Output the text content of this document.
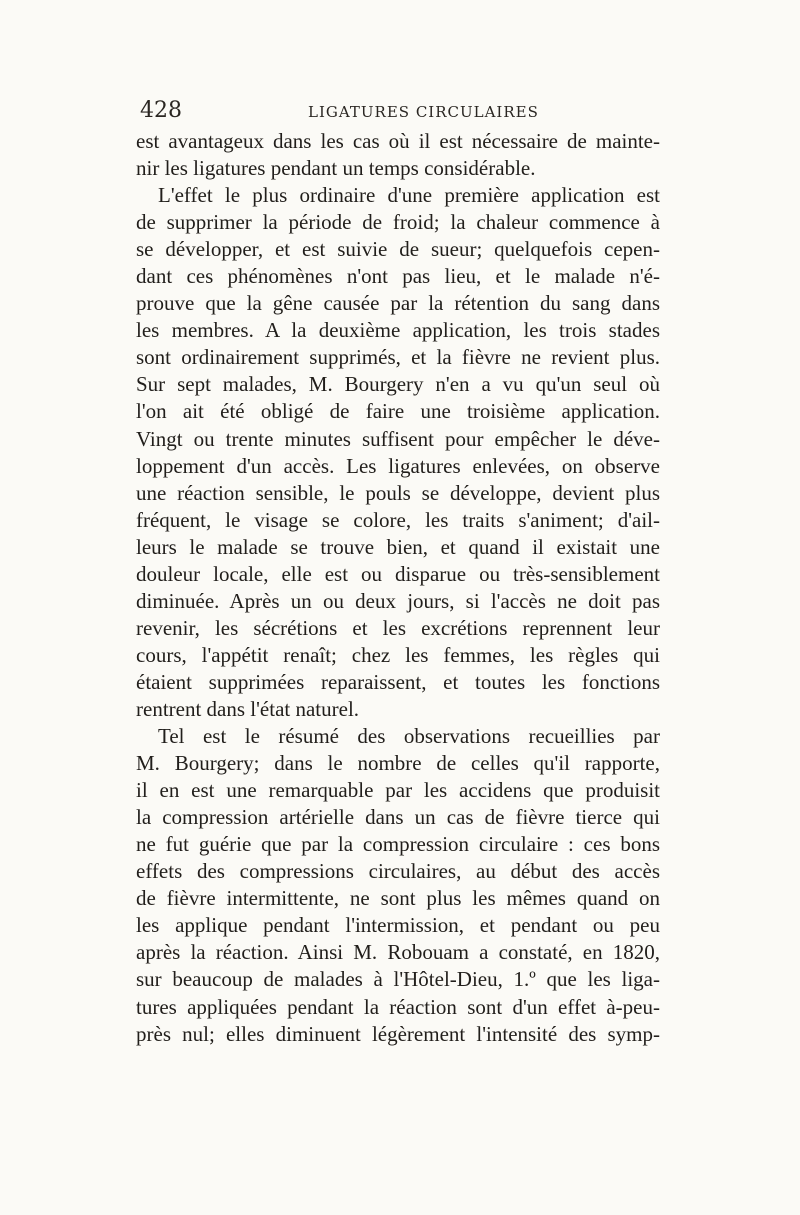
428	LIGATURES CIRCULAIRES
est avantageux dans les cas où il est nécessaire de mainte-
nir les ligatures pendant un temps considérable.
L'effet le plus ordinaire d'une première application est
de supprimer la période de froid; la chaleur commence à
se développer, et est suivie de sueur; quelquefois cepen-
dant ces phénomènes n'ont pas lieu, et le malade n'é-
prouve que la gêne causée par la rétention du sang dans
les membres. A la deuxième application, les trois stades
sont ordinairement supprimés, et la fièvre ne revient plus.
Sur sept malades, M. Bourgery n'en a vu qu'un seul où
l'on ait été obligé de faire une troisième application.
Vingt ou trente minutes suffisent pour empêcher le déve-
loppement d'un accès. Les ligatures enlevées, on observe
une réaction sensible, le pouls se développe, devient plus
fréquent, le visage se colore, les traits s'animent; d'ail-
leurs le malade se trouve bien, et quand il existait une
douleur locale, elle est ou disparue ou très-sensiblement
diminuée. Après un ou deux jours, si l'accès ne doit pas
revenir, les sécrétions et les excrétions reprennent leur
cours, l'appétit renaît; chez les femmes, les règles qui
étaient supprimées reparaissent, et toutes les fonctions
rentrent dans l'état naturel.
Tel est le résumé des observations recueillies par
M. Bourgery; dans le nombre de celles qu'il rapporte,
il en est une remarquable par les accidens que produisit
la compression artérielle dans un cas de fièvre tierce qui
ne fut guérie que par la compression circulaire : ces bons
effets des compressions circulaires, au début des accès
de fièvre intermittente, ne sont plus les mêmes quand on
les applique pendant l'intermission, et pendant ou peu
après la réaction. Ainsi M. Robouam a constaté, en 1820,
sur beaucoup de malades à l'Hôtel-Dieu, 1.º que les liga-
tures appliquées pendant la réaction sont d'un effet à-peu-
près nul; elles diminuent légèrement l'intensité des symp-
